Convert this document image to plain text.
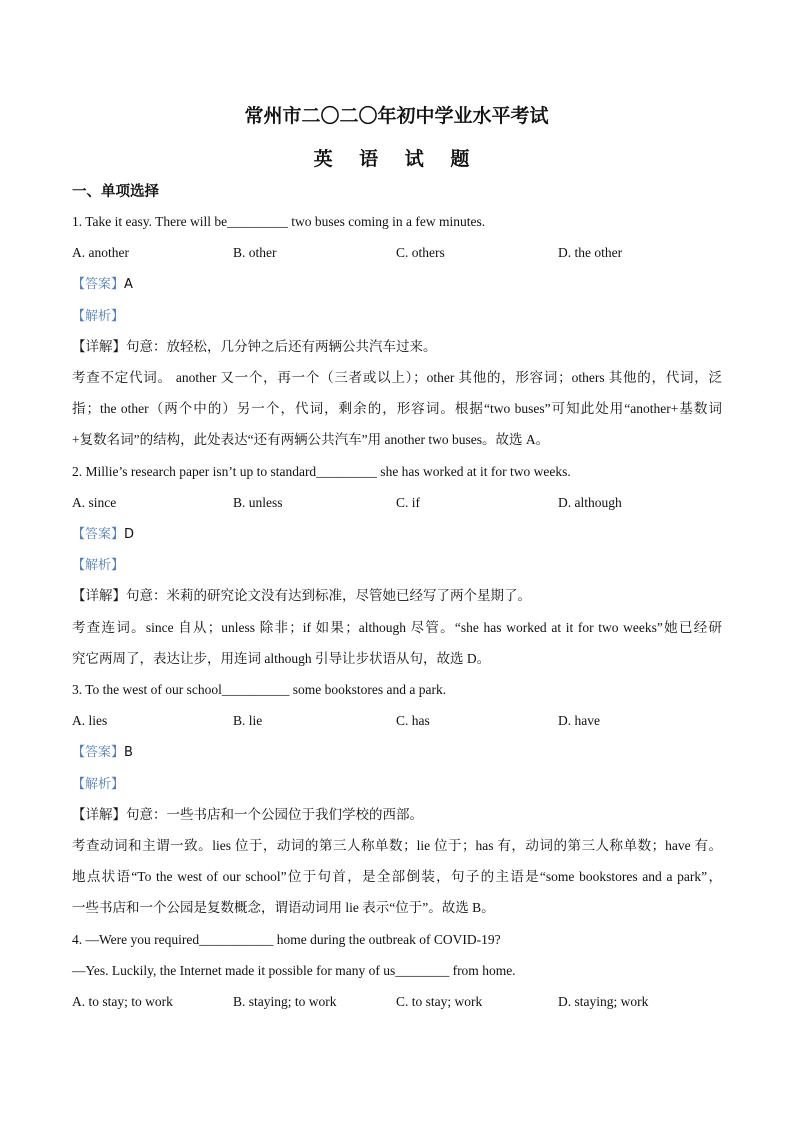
常州市二〇二〇年初中学业水平考试
英 语 试 题
一、单项选择
1. Take it easy. There will be_________ two buses coming in a few minutes.
A. another	B. other	C. others	D. the other
【答案】A
【解析】
【详解】句意：放轻松，几分钟之后还有两辆公共汽车过来。
考查不定代词。 another 又一个，再一个（三者或以上）；other 其他的，形容词；others 其他的，代词，泛
指；the other（两个中的）另一个，代词，剩余的，形容词。根据“two buses”可知此处用“another+基数词
+复数名词”的结构，此处表达“还有两辆公共汽车”用 another two buses。故选 A。
2. Millie’s research paper isn’t up to standard_________ she has worked at it for two weeks.
A. since	B. unless	C. if	D. although
【答案】D
【解析】
【详解】句意：米莉的研究论文没有达到标准，尽管她已经写了两个星期了。
考查连词。since 自从；unless 除非；if 如果；although 尽管。“she has worked at it for two weeks”她已经研
究它两周了，表达让步，用连词 although 引导让步状语从句，故选 D。
3. To the west of our school__________ some bookstores and a park.
A. lies	B. lie	C. has	D. have
【答案】B
【解析】
【详解】句意：一些书店和一个公园位于我们学校的西部。
考查动词和主谓一致。lies 位于，动词的第三人称单数；lie 位于；has 有，动词的第三人称单数；have 有。
地点状语“To the west of our school”位于句首，是全部倒装，句子的主语是“some bookstores and a park”，
一些书店和一个公园是复数概念，谓语动词用 lie 表示“位于”。故选 B。
4. —Were you required___________ home during the outbreak of COVID-19?
—Yes. Luckily, the Internet made it possible for many of us________ from home.
A. to stay; to work	B. staying; to work	C. to stay; work	D. staying; work
